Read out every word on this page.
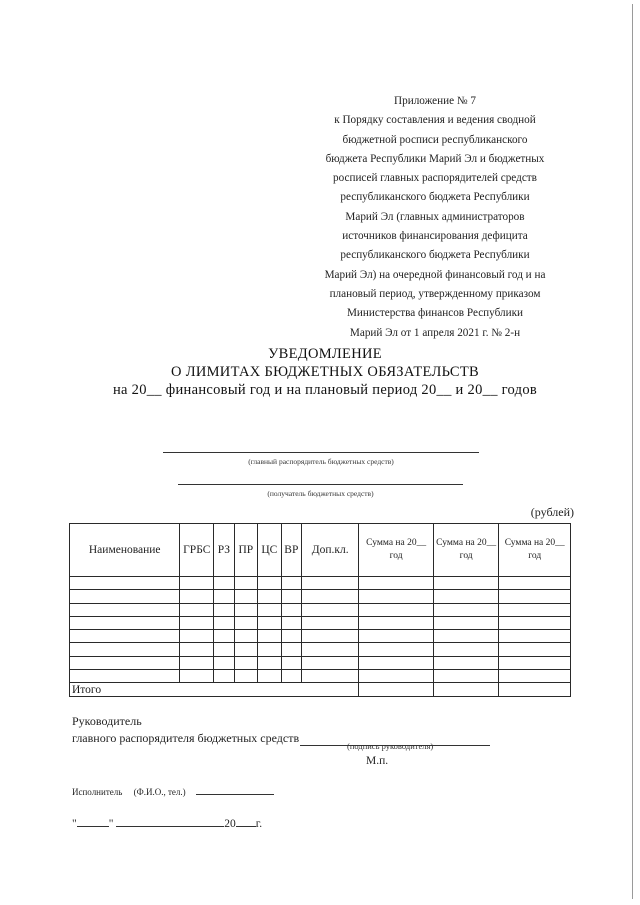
Приложение № 7
к Порядку составления и ведения сводной
бюджетной росписи республиканского
бюджета Республики Марий Эл и бюджетных
росписей главных распорядителей средств
республиканского бюджета Республики
Марий Эл (главных администраторов
источников финансирования дефицита
республиканского бюджета Республики
Марий Эл) на очередной финансовый год и на
плановый период, утвержденному приказом
Министерства финансов Республики
Марий Эл от 1 апреля 2021 г. № 2-н
УВЕДОМЛЕНИЕ
О ЛИМИТАХ БЮДЖЕТНЫХ ОБЯЗАТЕЛЬСТВ
на 20__ финансовый год и на плановый период 20__ и 20__ годов
(главный распорядитель бюджетных средств)
(получатель бюджетных средств)
(рублей)
Наименование	ГРБС	РЗ	ПР	ЦС	ВР	Доп.кл.	Сумма на 20__ год	Сумма на 20__ год	Сумма на 20__ год

Итого									
Руководитель
главного распорядителя бюджетных средств
(подпись руководителя)
М.п.
Исполнитель (Ф.И.О., тел.)
"	"	20 г.
